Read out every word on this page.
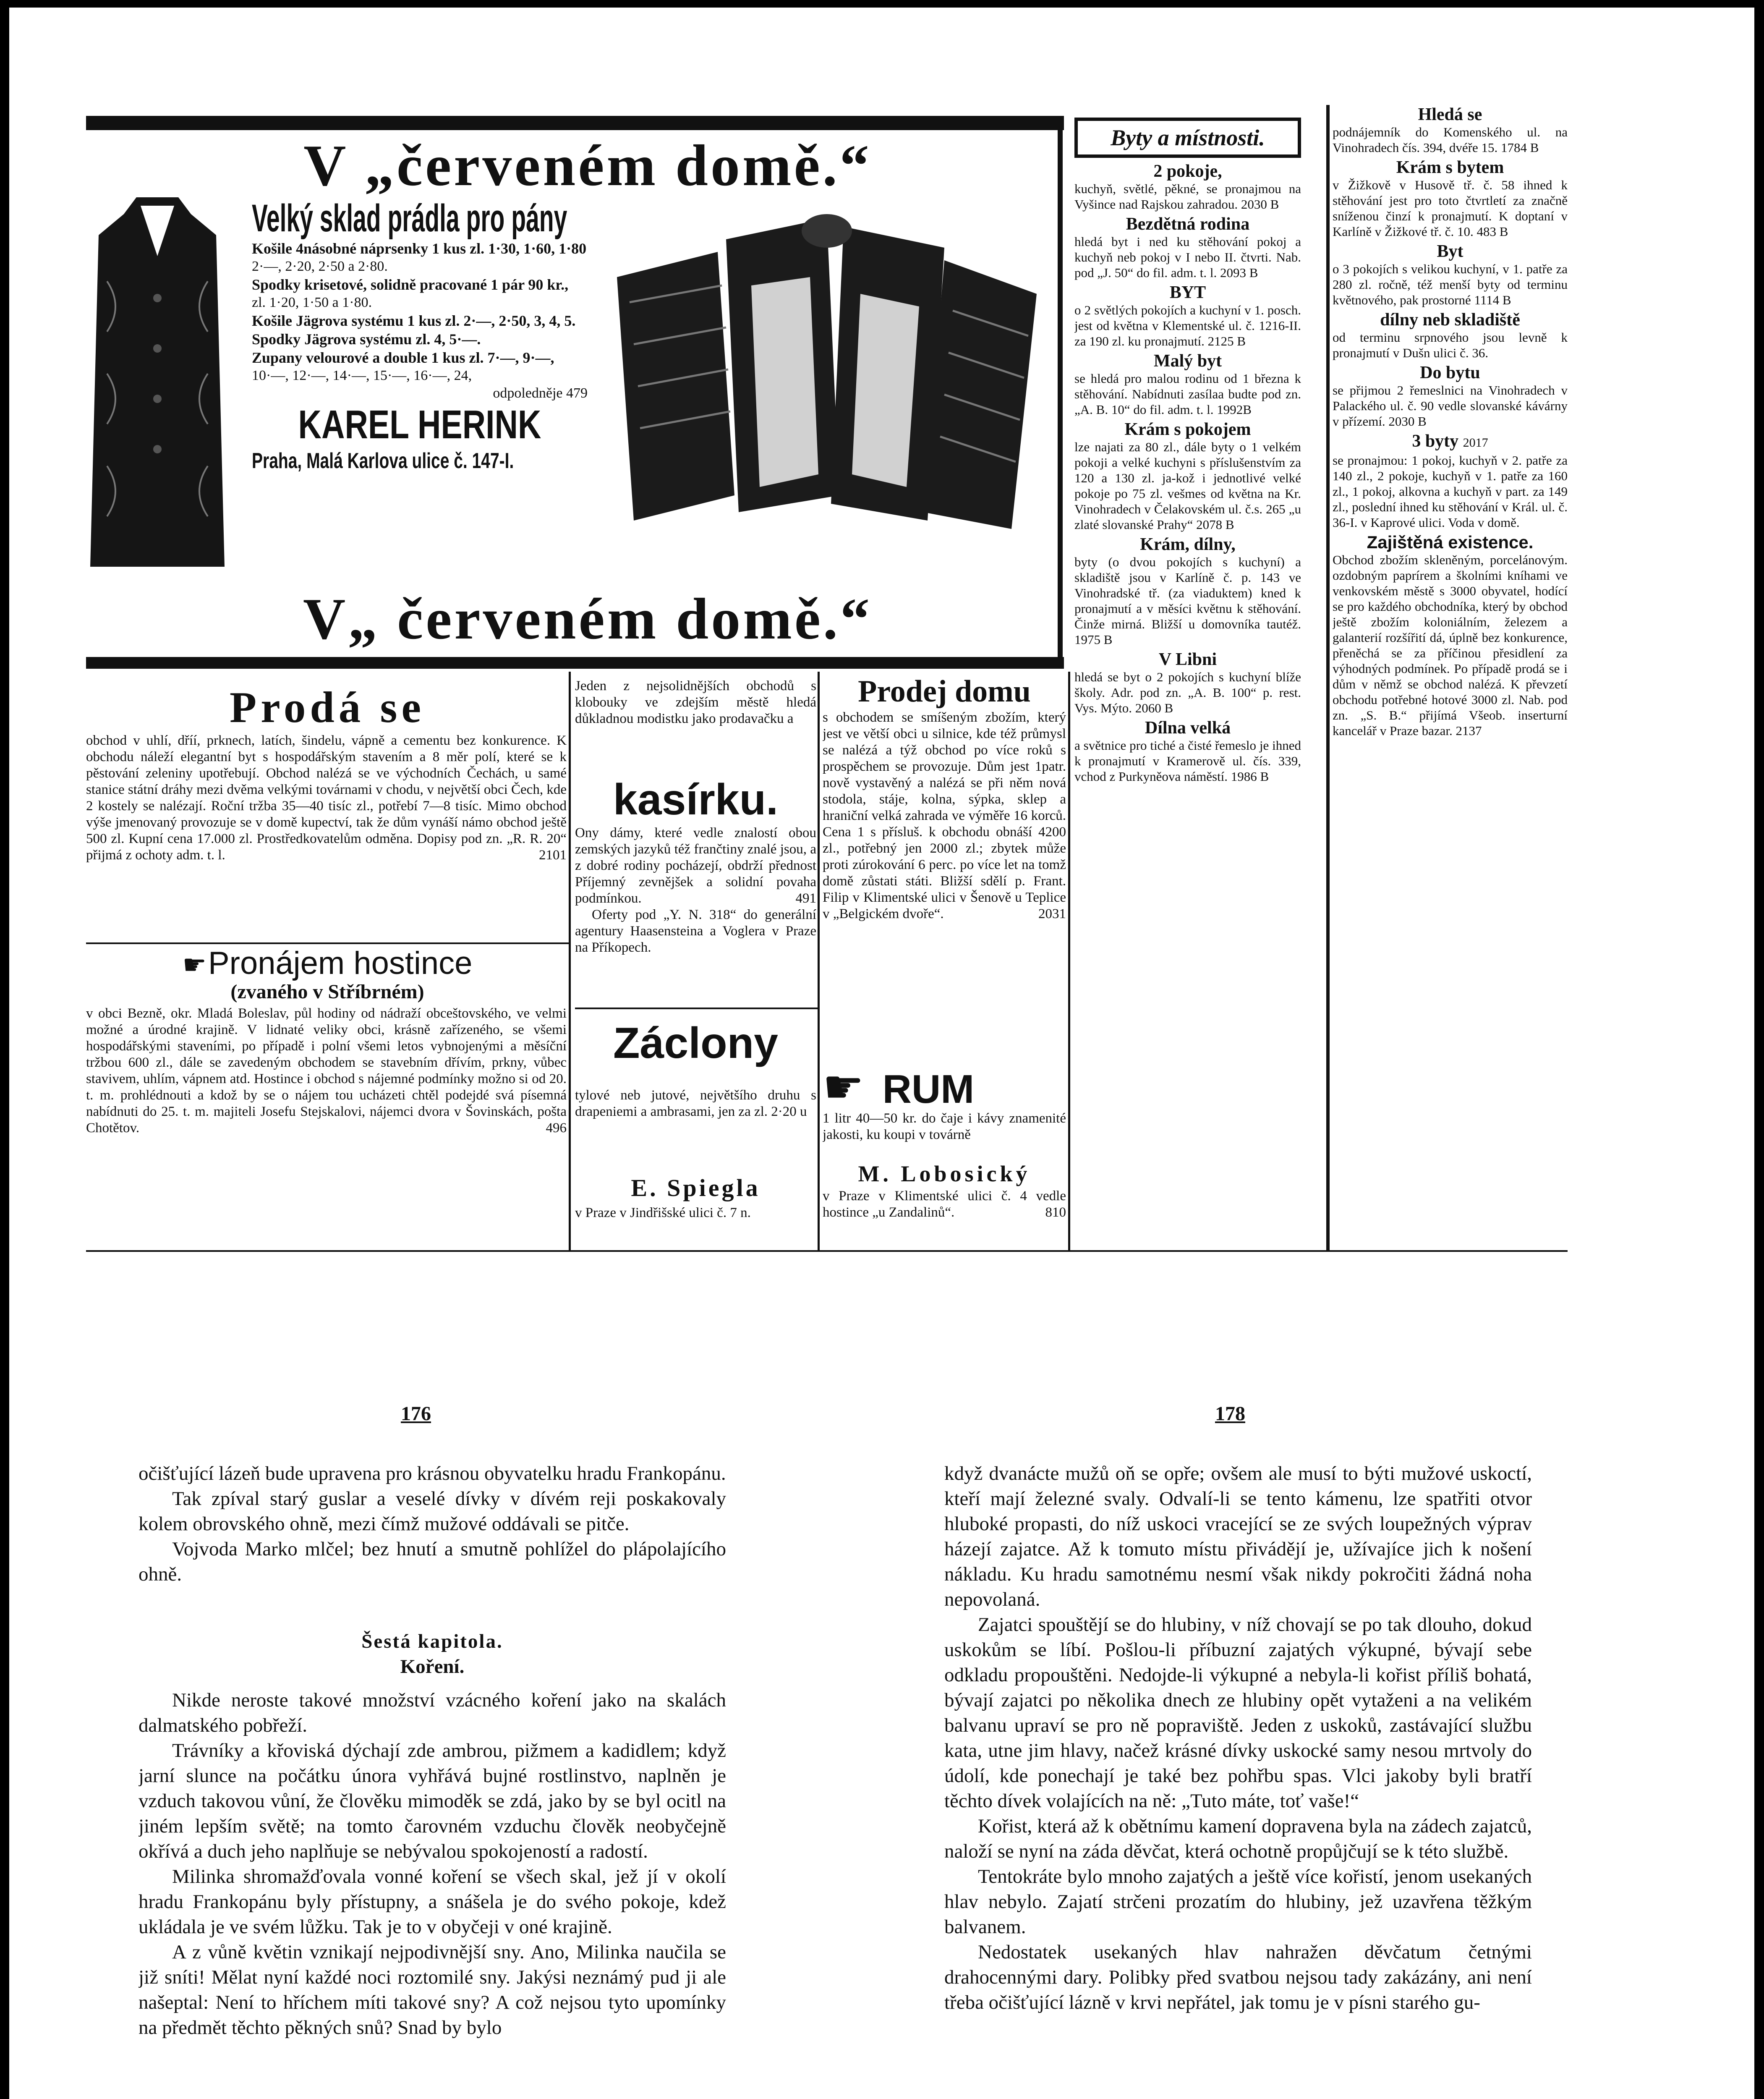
V „červeném domě.“
Velký sklad prádla pro pány
Košile 4násobné náprsenky 1 kus zl. 1·30, 1·60, 1·80
2·—, 2·20, 2·50 a 2·80.
Spodky krisetové, solidně pracované 1 pár 90 kr.,
zl. 1·20, 1·50 a 1·80.
Košile Jägrova systému 1 kus zl. 2·—, 2·50, 3, 4, 5.
Spodky Jägrova systému zl. 4, 5·—.
Zupany velourové a double 1 kus zl. 7·—, 9·—,
10·—, 12·—, 14·—, 15·—, 16·—, 24,
odpoledněje 479
KAREL HERINK
Praha, Malá Karlova ulice č. 147-I.
V„ červeném domě.“
Prodá se

obchod v uhlí, dříí, prknech, latích, šindelu, vápně a cementu bez konkurence. K obchodu náleží elegantní byt s hospodářským stavením a 8 měr polí, které se k pěstování zeleniny upotřebují. Obchod nalézá se ve východních Čechách, u samé stanice státní dráhy mezi dvěma velkými továrnami v chodu, v největší obci Čech, kde 2 kostely se nalézají. Roční tržba 35—40 tisíc zl., potřebí 7—8 tisíc. Mimo obchod výše jmenovaný provozuje se v domě kupectví, tak že dům vynáší námo obchod ještě 500 zl. Kupní cena 17.000 zl. Prostředkovatelům odměna. Dopisy pod zn. „R. R. 20“ přijmá z ochoty adm. t. l.	2101

☛ Pronájem hostince
(zvaného v Stříbrném)

v obci Bezně, okr. Mladá Boleslav, půl hodiny od nádraží obceštovského, ve velmi možné a úrodné krajině. V lidnaté veliky obci, krásně zařízeného, se všemi hospodářskými staveními, po případě i polní všemi letos vybnojenými a měsíční tržbou 600 zl., dále se zavedeným obchodem se stavebním dřívím, prkny, vůbec stavivem, uhlím, vápnem atd. Hostince i obchod s nájemné podmínky možno si od 20. t. m. prohlédnouti a kdož by se o nájem tou ucházeti chtěl podejdé svá písemná nabídnuti do 25. t. m. majiteli Josefu Stejskalovi, nájemci dvora v Šovinskách, pošta Chotětov.	496

Jeden z nejsolidnějších obchodů s klobouky ve zdejším městě hledá důkladnou modistku jako prodavačku a
kasírku.

Ony dámy, které vedle znalostí obou zemských jazyků též frančtiny znalé jsou, a z dobré rodiny pocházejí, obdrží přednost Příjemný zevnějšek a solidní povaha podmínkou.	491

Oferty pod „Y. N. 318“ do generální agentury Haasensteina a Voglera v Praze na Příkopech.

Záclony
tylové neb jutové, největšího druhu s drapeniemi a ambrasami, jen za zl. 2·20 u
E. Spiegla
v Praze v Jindřišské ulici č. 7 n.
Prodej domu

s obchodem se smíšeným zbožím, který jest ve větší obci u silnice, kde též průmysl se nalézá a týž obchod po více roků s prospěchem se provozuje. Dům jest 1patr. nově vystavěný a nalézá se při něm nová stodola, stáje, kolna, sýpka, sklep a hraniční velká zahrada ve výměře 16 korců. Cena 1 s přísluš. k obchodu obnáší 4200 zl., potřebný jen 2000 zl.; zbytek může proti zúrokování 6 perc. po více let na tomž domě zůstati státi. Bližší sdělí p. Frant. Filip v Klimentské ulici v Šenově u Teplice v „Belgickém dvoře“.	2031

☛ RUM
1 litr 40—50 kr. do čaje i kávy znamenité jakosti, ku koupi v továrně
M. Lobosický

v Praze v Klimentské ulici č. 4 vedle hostince „u Zandalinů“.	810

Byty a místnosti.
2 pokoje,

kuchyň, světlé, pěkné, se pronajmou na Vyšince nad Rajskou zahradou. 2030 B

Bezdětná rodina

hledá byt i ned ku stěhování pokoj a kuchyň neb pokoj v I nebo II. čtvrti. Nab. pod „J. 50“ do fil. adm. t. l. 2093 B

BYT

o 2 světlých pokojích a kuchyní v 1. posch. jest od května v Klementské ul. č. 1216-II. za 190 zl. ku pronajmutí. 2125 B

Malý byt

se hledá pro malou rodinu od 1 března k stěhování. Nabídnuti zasílaa budte pod zn. „A. B. 10“ do fil. adm. t. l. 1992B

Krám s pokojem

lze najati za 80 zl., dále byty o 1 velkém pokoji a velké kuchyni s příslušenstvím za 120 a 130 zl. ja-kož i jednotlivé velké pokoje po 75 zl. vešmes od května na Kr. Vinohradech v Čelakovském ul. č.s. 265 „u zlaté slovanské Prahy“ 2078 B

Krám, dílny,

byty (o dvou pokojích s kuchyní) a skladiště jsou v Karlíně č. p. 143 ve Vinohradské tř. (za viaduktem) kned k pronajmutí a v měsíci květnu k stěhování. Činže mirná. Bližší u domovníka tautéž. 1975 B

V Libni

hledá se byt o 2 pokojích s kuchyní blíže školy. Adr. pod zn. „A. B. 100“ p. rest. Vys. Mýto. 2060 B

Dílna velká

a světnice pro tiché a čisté řemeslo je ihned k pronajmutí v Kramerově ul. čís. 339, vchod z Purkyněova náměstí. 1986 B

Hledá se

podnájemník do Komenského ul. na Vinohradech čís. 394, dvéře 15. 1784 B

Krám s bytem

v Žižkově v Husově tř. č. 58 ihned k stěhování jest pro toto čtvrtletí za značně sníženou činzí k pronajmutí. K doptaní v Karlíně v Žižkové tř. č. 10. 483 B

Byt

o 3 pokojích s velikou kuchyní, v 1. patře za 280 zl. ročně, též menší byty od terminu květnového, pak prostorné 1114 B

dílny neb skladiště

od terminu srpnového jsou levně k pronajmutí v Dušn ulici č. 36.

Do bytu

se přijmou 2 řemeslnici na Vinohradech v Palackého ul. č. 90 vedle slovanské kávárny v přízemí. 2030 B

3 byty 2017

se pronajmou: 1 pokoj, kuchyň v 2. patře za 140 zl., 2 pokoje, kuchyň v 1. patře za 160 zl., 1 pokoj, alkovna a kuchyň v part. za 149 zl., poslední ihned ku stěhování v Král. ul. č. 36-I. v Kaprové ulici. Voda v domě.

Zajištěná existence.

Obchod zbožím skleněným, porcelánovým. ozdobným paprírem a školními kníhami ve venkovském městě s 3000 obyvatel, hodící se pro každého obchodníka, který by obchod ještě zbožím koloniálním, železem a galanterií rozšířití dá, úplně bez konkurence, přeněchá se za příčinou přesidlení za výhodných podmínek. Po případě prodá se i dům v němž se obchod nalézá. K převzetí obchodu potřebné hotové 3000 zl. Nab. pod zn. „S. B.“ přijímá Všeob. inserturní kancelář v Praze bazar. 2137

176	178

očišťující lázeň bude upravena pro krásnou obyvatelku hradu Frankopánu.

Tak zpíval starý guslar a veselé dívky v dívém reji poskakovaly kolem obrovského ohně, mezi čímž mužové oddávali se pitče.

Vojvoda Marko mlčel; bez hnutí a smutně pohlížel do plápolajícího ohně.

Šestá kapitola.
Koření.

Nikde neroste takové množství vzácného koření jako na skalách dalmatského pobřeží.

Trávníky a křoviská dýchají zde ambrou, pižmem a kadidlem; když jarní slunce na počátku února vyhřává bujné rostlinstvo, naplněn je vzduch takovou vůní, že člověku mimoděk se zdá, jako by se byl ocitl na jiném lepším světě; na tomto čarovném vzduchu člověk neobyčejně okřívá a duch jeho naplňuje se nebývalou spokojeností a radostí.

Milinka shromažďovala vonné koření se všech skal, jež jí v okolí hradu Frankopánu byly přístupny, a snášela je do svého pokoje, kdež ukládala je ve svém lůžku. Tak je to v obyčeji v oné krajině.

A z vůně květin vznikají nejpodivnější sny. Ano, Milinka naučila se již sníti! Mělat nyní každé noci roztomilé sny. Jakýsi neznámý pud ji ale našeptal: Není to hříchem míti takové sny? A což nejsou tyto upomínky na předmět těchto pěkných snů? Snad by bylo

když dvanácte mužů oň se opře; ovšem ale musí to býti mužové uskoctí, kteří mají železné svaly. Odvalí-li se tento kámenu, lze spatřiti otvor hluboké propasti, do níž uskoci vracející se ze svých loupežných výprav házejí zajatce. Až k tomuto místu přivádějí je, užívajíce jich k nošení nákladu. Ku hradu samotnému nesmí však nikdy pokročiti žádná noha nepovolaná.

Zajatci spouštějí se do hlubiny, v níž chovají se po tak dlouho, dokud uskokům se líbí. Pošlou-li příbuzní zajatých výkupné, bývají sebe odkladu propouštěni. Nedojde-li výkupné a nebyla-li kořist příliš bohatá, bývají zajatci po několika dnech ze hlubiny opět vytaženi a na velikém balvanu upraví se pro ně popraviště. Jeden z uskoků, zastávající službu kata, utne jim hlavy, načež krásné dívky uskocké samy nesou mrtvoly do údolí, kde ponechají je také bez pohřbu spas. Vlci jakoby byli bratří těchto dívek volajících na ně: „Tuto máte, toť vaše!“

Kořist, která až k obětnímu kamení dopravena byla na zádech zajatců, naloží se nyní na záda děvčat, která ochotně propůjčují se k této službě.

Tentokráte bylo mnoho zajatých a ještě více kořistí, jenom usekaných hlav nebylo. Zajatí strčeni prozatím do hlubiny, jež uzavřena těžkým balvanem.

Nedostatek usekaných hlav nahražen děvčatum četnými drahocennými dary. Polibky před svatbou nejsou tady zakázány, ani není třeba očišťující lázně v krvi nepřátel, jak tomu je v písni starého gu-
